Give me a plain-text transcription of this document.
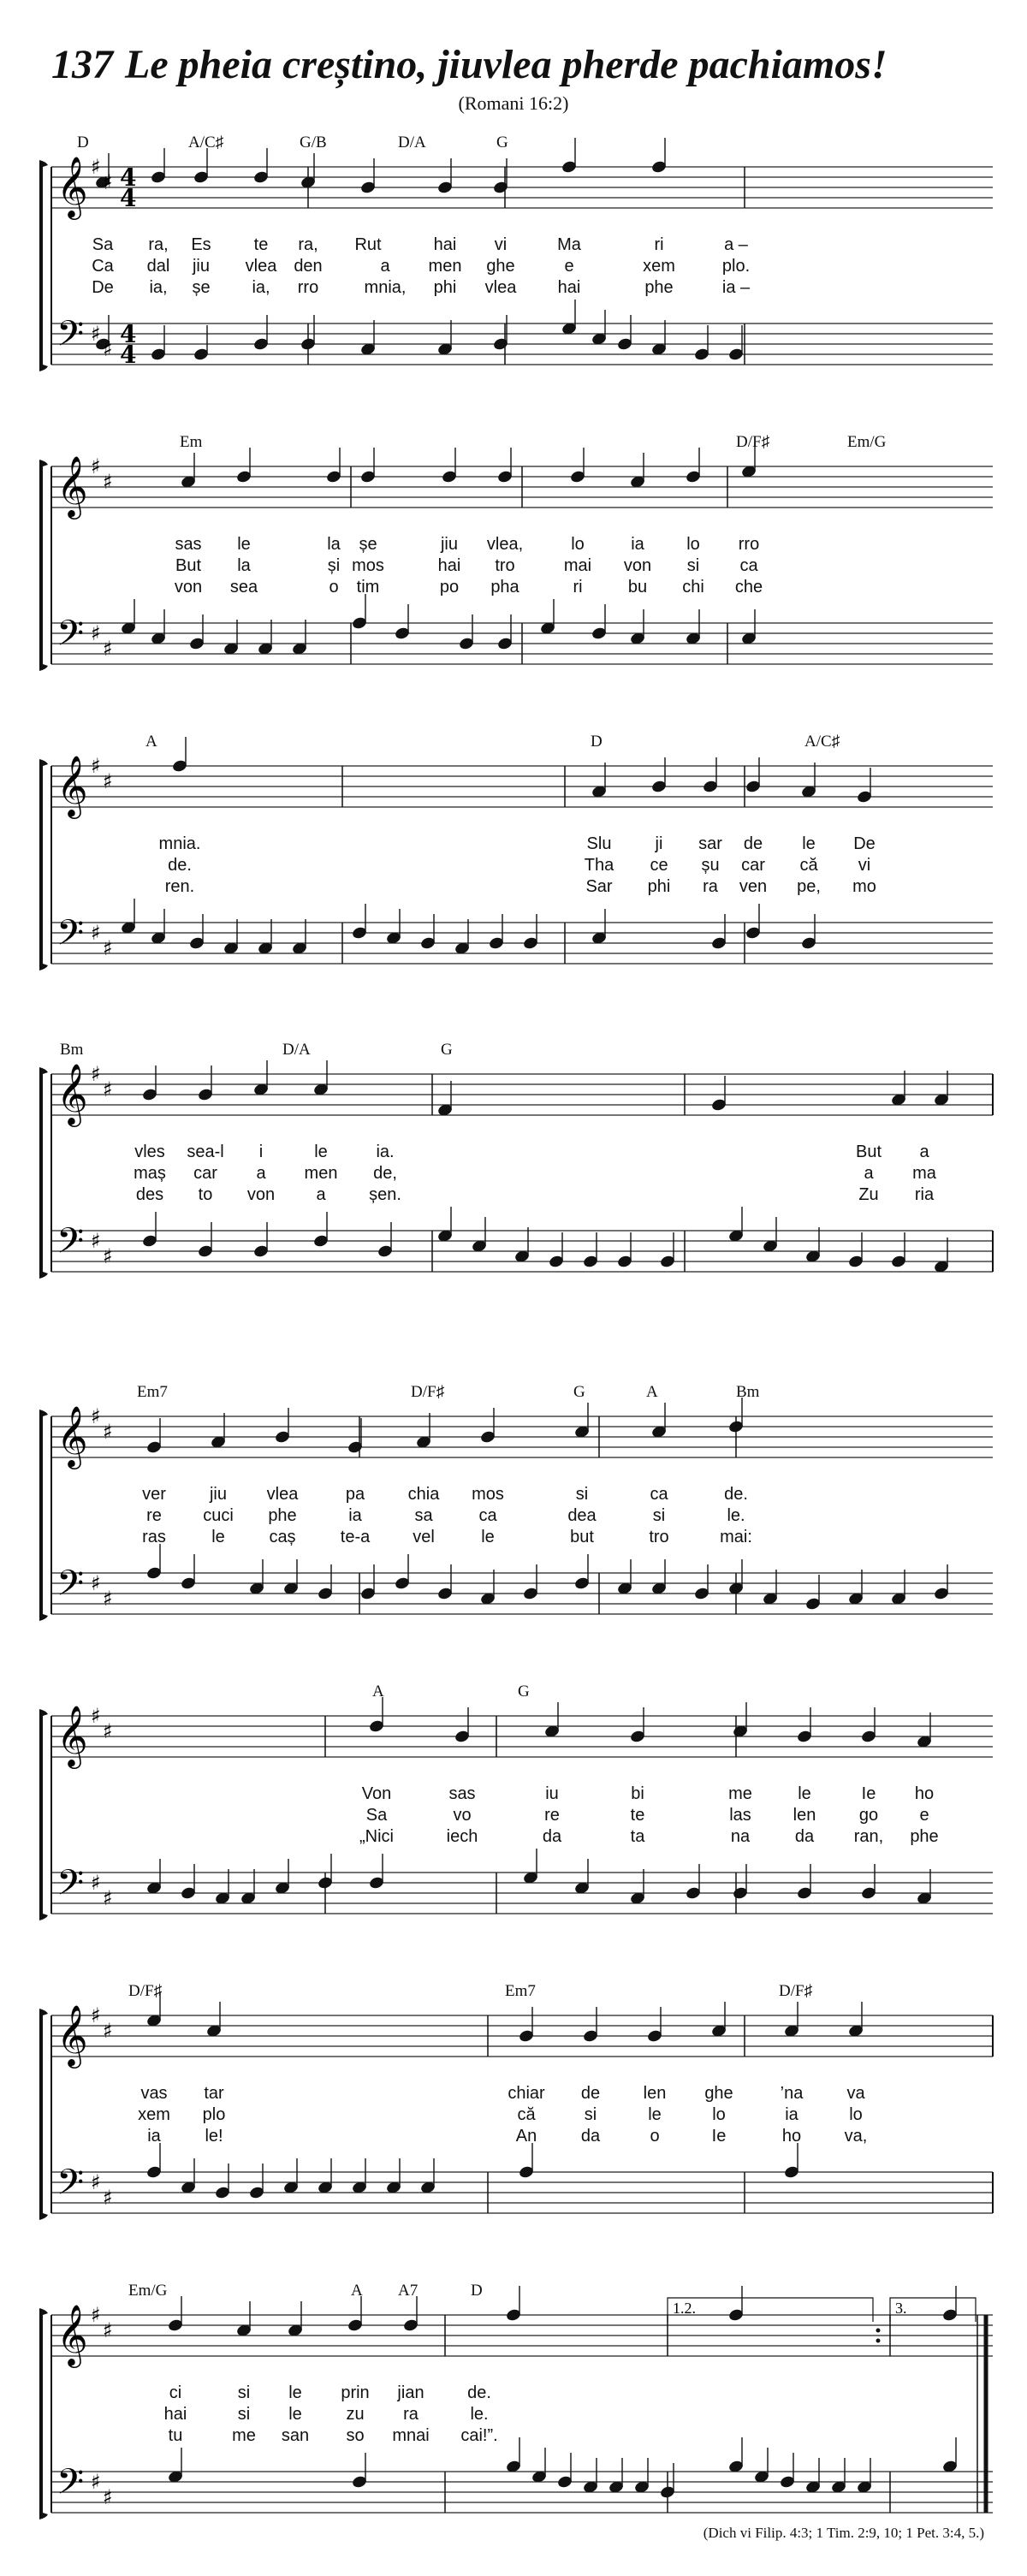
137 Le pheia creștino, jiuvlea pherde pachiamos!
(Romani 16:2)
𝄞
𝄢
♯
♯
♯
♯
4
4
4
4
D	A/C♯	G/B	D/A	G
Sa ra, Es te ra, Rut	hai vi	Ma	ri	a –
Ca dal jiu vlea den	a men ghe	e	xem	plo.
De ia, șe ia, rro	mnia, phi vlea hai	phe	ia –
𝄞
𝄢
♯
♯
♯
♯
Em	D/F♯	Em/G
sas le	la șe	jiu vlea,	lo	ia lo rro
But la	și mos	hai tro	mai von si ca
von sea	o tim	po pha	ri	bu chi che
𝄞
𝄢
♯
♯
♯
♯
A	D	A/C♯
mnia.	Slu	ji sar de le De
de.	Tha ce șu car că vi
ren.	Sar phi ra ven pe, mo
𝄞
𝄢
♯
♯
♯
♯
Bm	D/A	G
vles sea-l i	le	ia.	But a
maș car a men de,	a ma
des to von a	șen.	Zu ria
𝄞
𝄢
♯
♯
♯
♯
Em7	D/F♯	G	A	Bm
ver	jiu vlea	pa	chia mos	si	ca	de.
re cuci phe	ia	sa	ca	dea	si	le.
ras	le	caș	te-a vel	le	but	tro	mai:
𝄞
𝄢
♯
♯
♯
♯
A	G
Von	sas	iu	bi	me	le	Ie ho
Sa	vo	re	te	las len	go e
„Nici	iech	da	ta	na	da ran, phe
𝄞
𝄢
♯
♯
♯
♯
D/F♯	Em7	D/F♯
vas tar	chiar de	len ghe	’na	va
xem plo	că	si	le	lo	ia	lo
ia	le!	An	da	o	Ie	ho	va,
𝄞
𝄢
♯
♯
♯
♯
1.2.	3.
Em/G	A A7	D
ci	si le prin jian	de.
hai	si le	zu ra	le.
tu	me san so mnai cai!”.
(Dich vi Filip. 4:3; 1 Tim. 2:9, 10; 1 Pet. 3:4, 5.)
